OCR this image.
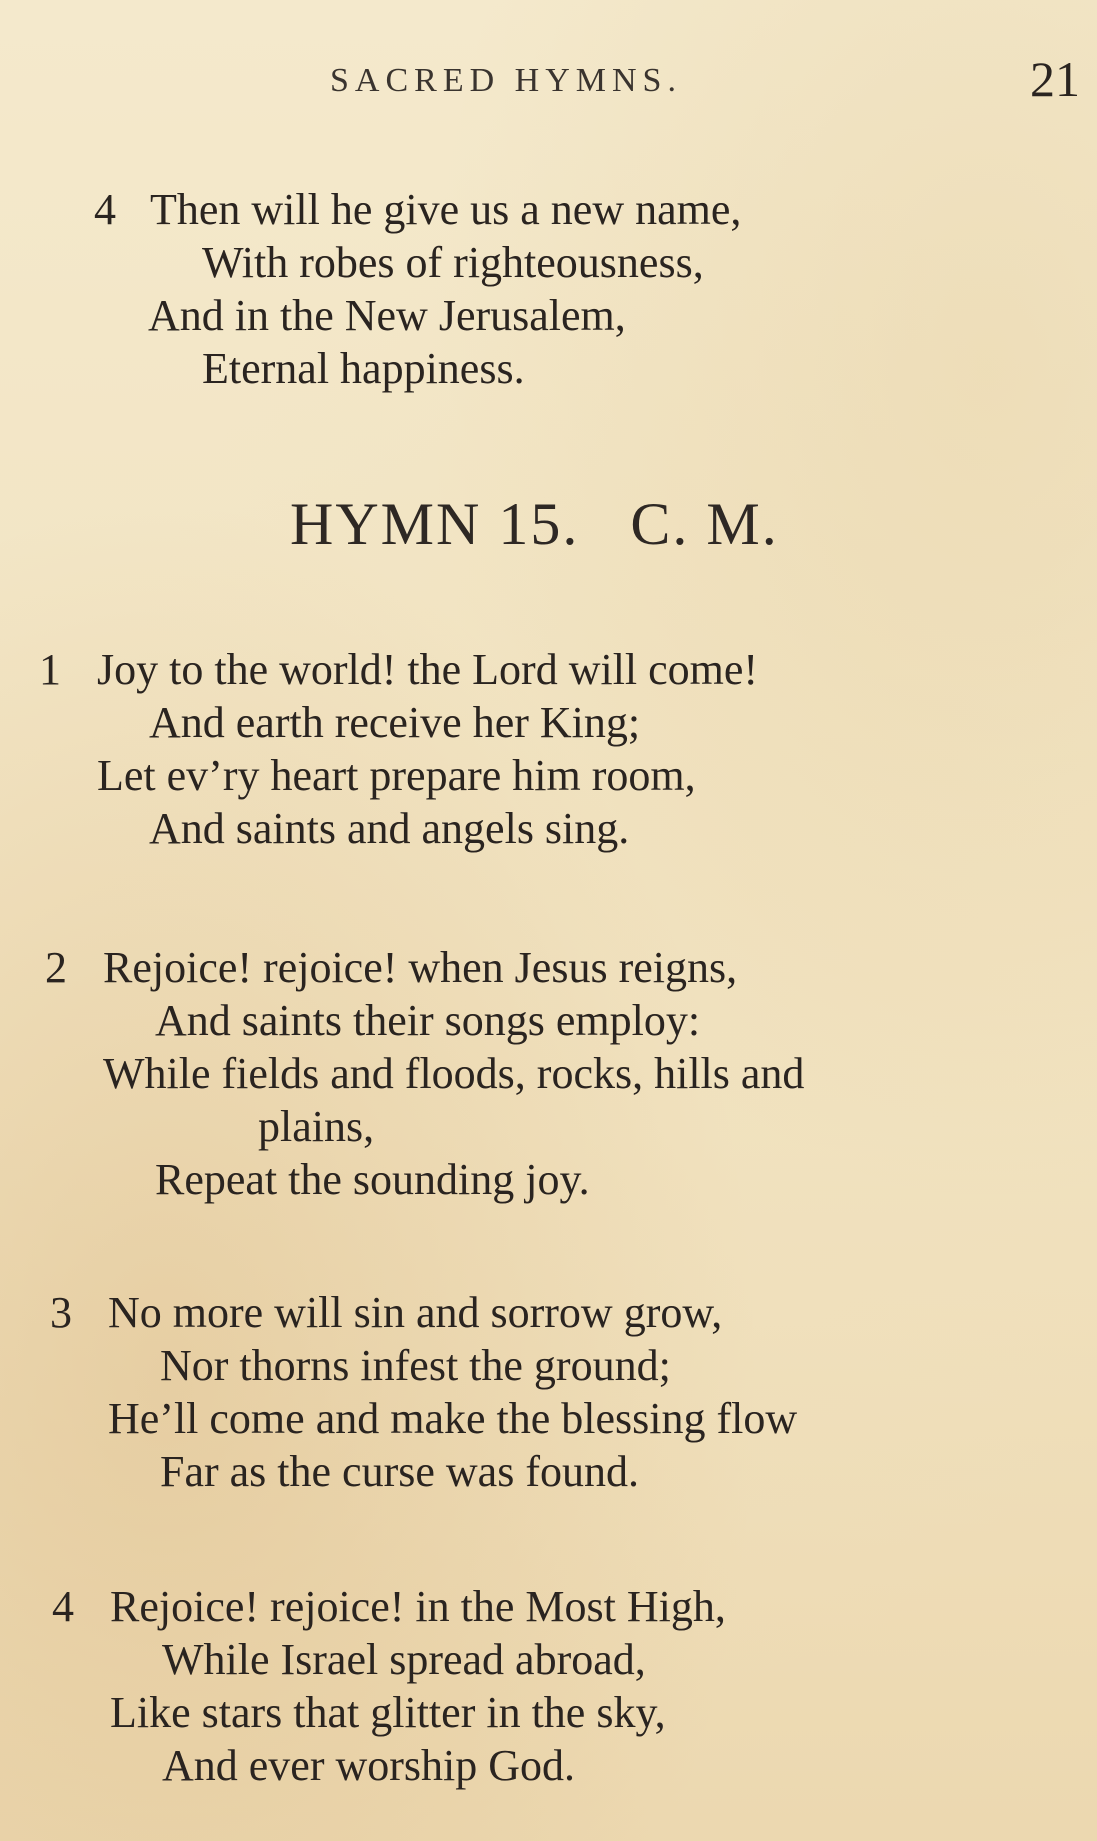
SACRED HYMNS.	21
4 Then will he give us a new name,
With robes of righteousness,
And in the New Jerusalem,
Eternal happiness.
HYMN 15.   C. M.
1 Joy to the world! the Lord will come!
And earth receive her King;
Let ev’ry heart prepare him room,
And saints and angels sing.
2 Rejoice! rejoice! when Jesus reigns,
And saints their songs employ:
While fields and floods, rocks, hills and
plains,
Repeat the sounding joy.
3 No more will sin and sorrow grow,
Nor thorns infest the ground;
He’ll come and make the blessing flow
Far as the curse was found.
4 Rejoice! rejoice! in the Most High,
While Israel spread abroad,
Like stars that glitter in the sky,
And ever worship God.
